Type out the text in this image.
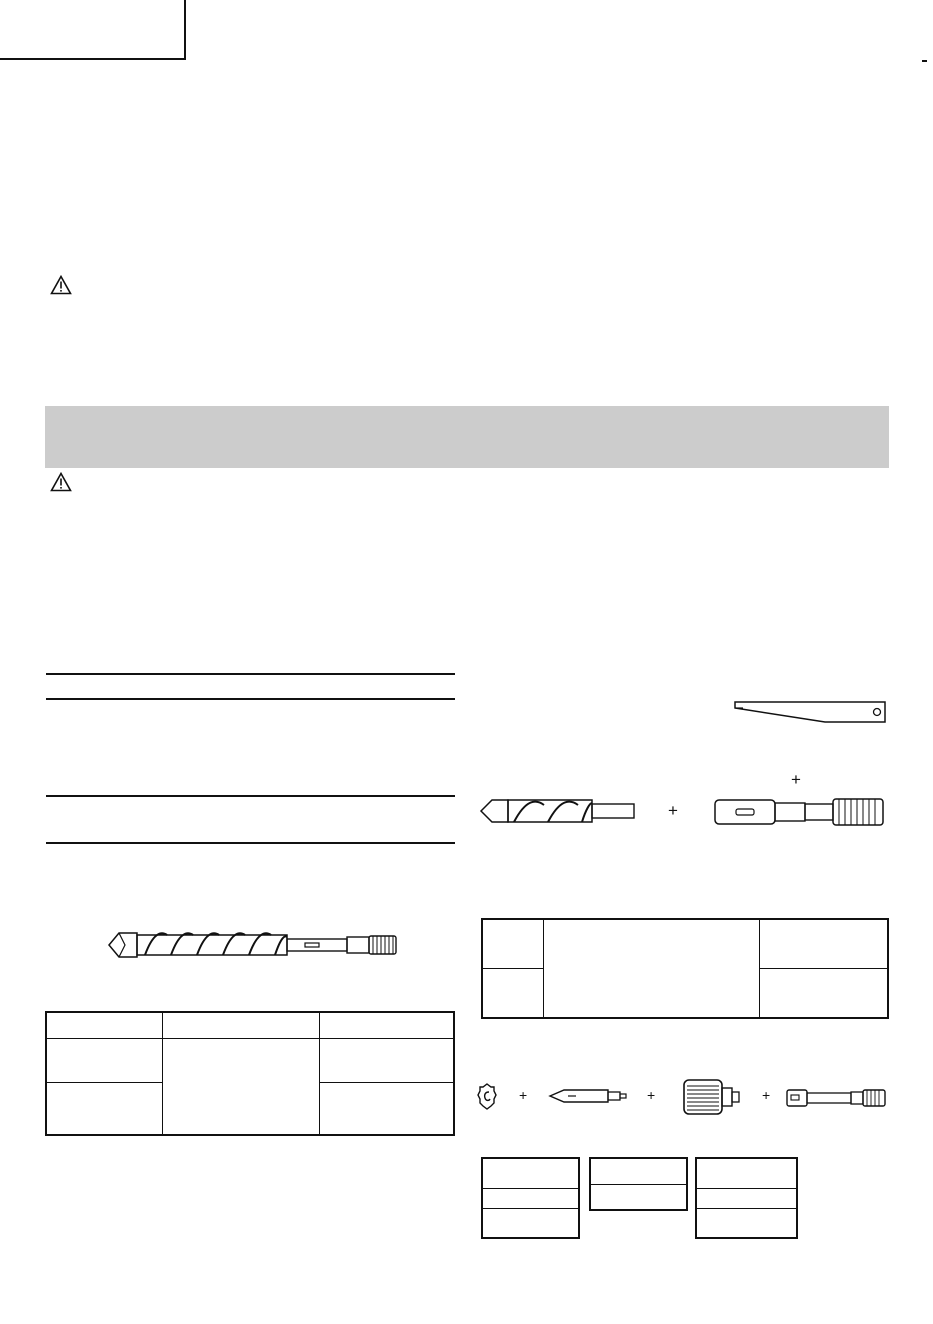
+
+

+	+	+
